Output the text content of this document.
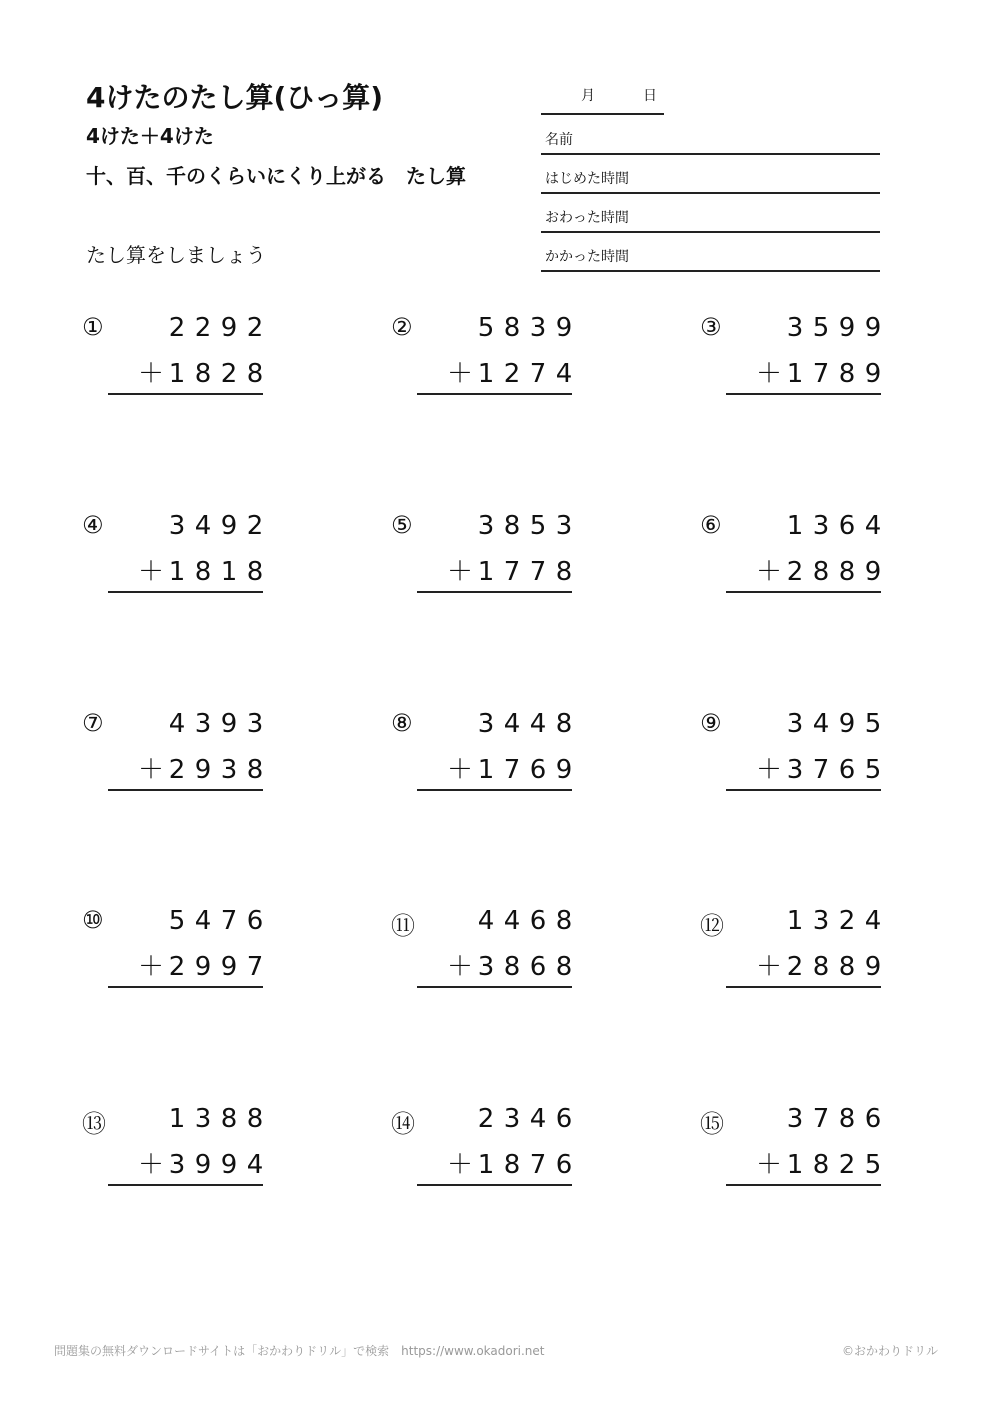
4けたのたし算(ひっ算)
4けた＋4けた
十、百、千のくらいにくり上がる　たし算
たし算をしましょう
月	日
名前
はじめた時間
おわった時間
かかった時間
①	2 2 9 2
＋ 1 8 2 8
②	5 8 3 9
＋ 1 2 7 4
③	3 5 9 9
＋ 1 7 8 9
④	3 4 9 2
＋ 1 8 1 8
⑤	3 8 5 3
＋ 1 7 7 8
⑥	1 3 6 4
＋ 2 8 8 9
⑦	4 3 9 3
＋ 2 9 3 8
⑧	3 4 4 8
＋ 1 7 6 9
⑨	3 4 9 5
＋ 3 7 6 5
⑩	5 4 7 6
＋ 2 9 9 7
⑪	4 4 6 8
＋ 3 8 6 8
⑫	1 3 2 4
＋ 2 8 8 9
⑬	1 3 8 8
＋ 3 9 9 4
⑭	2 3 4 6
＋ 1 8 7 6
⑮	3 7 8 6
＋ 1 8 2 5
問題集の無料ダウンロードサイトは「おかわりドリル」で検索　https://www.okadori.net	©おかわりドリル
